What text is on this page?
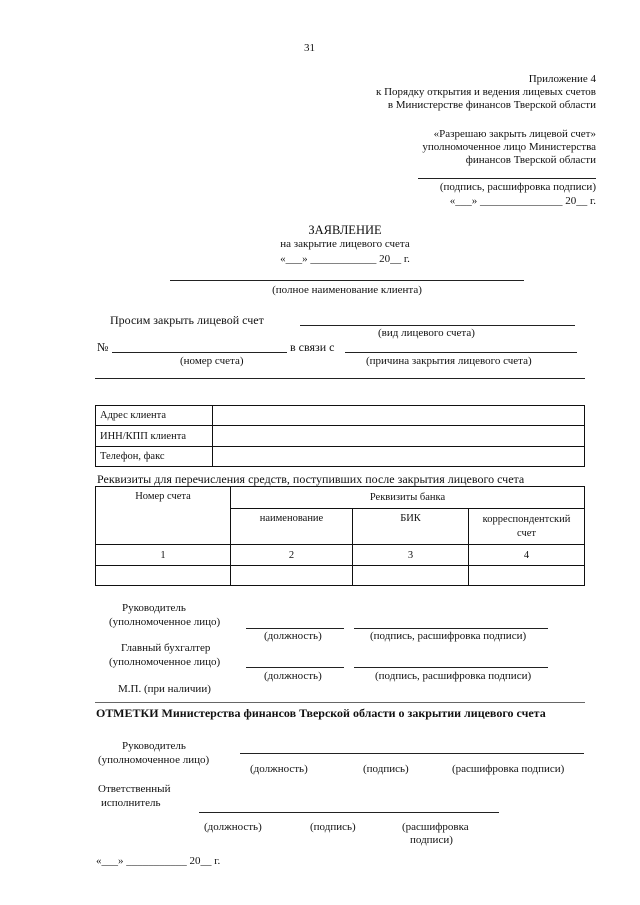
31
Приложение 4
к Порядку открытия и ведения лицевых счетов
в Министерстве финансов Тверской области
«Разрешаю закрыть лицевой счет»
уполномоченное лицо Министерства
финансов Тверской области
(подпись, расшифровка подписи)
«___» _______________ 20__ г.
ЗАЯВЛЕНИЕ
на закрытие лицевого счета
«___» ____________ 20__ г.
(полное наименование клиента)
Просим закрыть лицевой счет
(вид лицевого счета)
№	в связи с
(номер счета)	(причина закрытия лицевого счета)
Адрес клиента	
ИНН/КПП клиента	
Телефон, факс	
Реквизиты для перечисления средств, поступивших после закрытия лицевого счета
Номер счета	Реквизиты банка		
	наименование	БИК	корреспондентский счет
1	2	3	4

Руководитель
(уполномоченное лицо)
(должность)	(подпись, расшифровка подписи)
Главный бухгалтер
(уполномоченное лицо)
(должность)	(подпись, расшифровка подписи)
М.П. (при наличии)
ОТМЕТКИ Министерства финансов Тверской области о закрытии лицевого счета
Руководитель
(уполномоченное лицо)
(должность)	(подпись)	(расшифровка подписи)
Ответственный
исполнитель
(должность)	(подпись)	(расшифровка
подписи)
«___» ___________ 20__ г.
